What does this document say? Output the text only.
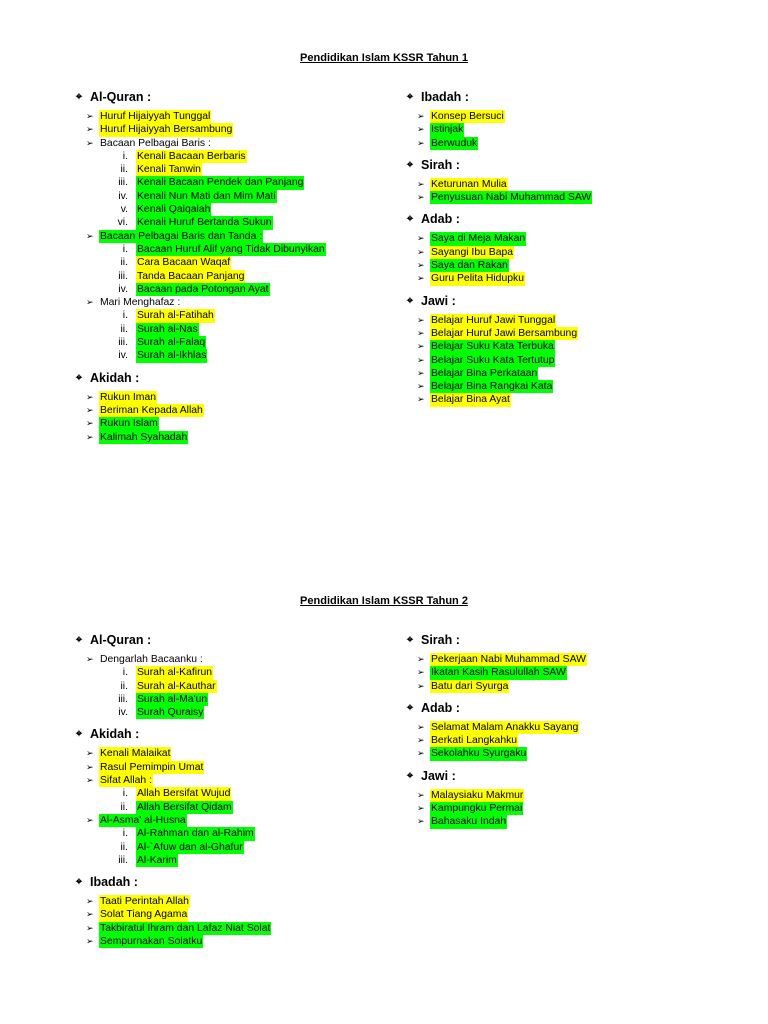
Pendidikan Islam KSSR Tahun 1
⌖ Al-Quran :
➢ Huruf Hijaiyyah Tunggal
➢ Huruf Hijaiyyah Bersambung
➢ Bacaan Pelbagai Baris :
i. Kenali Bacaan Berbaris
ii. Kenali Tanwin
iii. Kenali Bacaan Pendek dan Panjang
iv. Kenali Nun Mati dan Mim Mati
v. Kenali Qalqalah
vi. Kenali Huruf Bertanda Sukun
➢ Bacaan Pelbagai Baris dan Tanda :
i. Bacaan Huruf Alif yang Tidak Dibunyikan
ii. Cara Bacaan Waqaf
iii. Tanda Bacaan Panjang
iv. Bacaan pada Potongan Ayat
➢ Mari Menghafaz :
i. Surah al-Fatihah
ii. Surah al-Nas
iii. Surah al-Falaq
iv. Surah al-Ikhlas
⌖ Akidah :
➢ Rukun Iman
➢ Beriman Kepada Allah
➢ Rukun Islam
➢ Kalimah Syahadah
⌖ Ibadah :
➢ Konsep Bersuci
➢ Istinjak
➢ Berwuduk
⌖ Sirah :
➢ Keturunan Mulia
➢ Penyusuan Nabi Muhammad SAW
⌖ Adab :
➢ Saya di Meja Makan
➢ Sayangi Ibu Bapa
➢ Saya dan Rakan
➢ Guru Pelita Hidupku
⌖ Jawi :
➢ Belajar Huruf Jawi Tunggal
➢ Belajar Huruf Jawi Bersambung
➢ Belajar Suku Kata Terbuka
➢ Belajar Suku Kata Tertutup
➢ Belajar Bina Perkataan
➢ Belajar Bina Rangkai Kata
➢ Belajar Bina Ayat
Pendidikan Islam KSSR Tahun 2
⌖ Al-Quran :
➢ Dengarlah Bacaanku :
i. Surah al-Kafirun
ii. Surah al-Kauthar
iii. Surah al-Ma'un
iv. Surah Quraisy
⌖ Akidah :
➢ Kenali Malaikat
➢ Rasul Pemimpin Umat
➢ Sifat Allah :
i. Allah Bersifat Wujud
ii. Allah Bersifat Qidam
➢ Al-Asma' al-Husna
i. Al-Rahman dan al-Rahim
ii. Al-`Afuw dan al-Ghafur
iii. Al-Karim
⌖ Ibadah :
➢ Taati Perintah Allah
➢ Solat Tiang Agama
➢ Takbiratul Ihram dan Lafaz Niat Solat
➢ Sempurnakan Solatku
⌖ Sirah :
➢ Pekerjaan Nabi Muhammad SAW
➢ Ikatan Kasih Rasulullah SAW
➢ Batu dari Syurga
⌖ Adab :
➢ Selamat Malam Anakku Sayang
➢ Berkati Langkahku
➢ Sekolahku Syurgaku
⌖ Jawi :
➢ Malaysiaku Makmur
➢ Kampungku Permai
➢ Bahasaku Indah
